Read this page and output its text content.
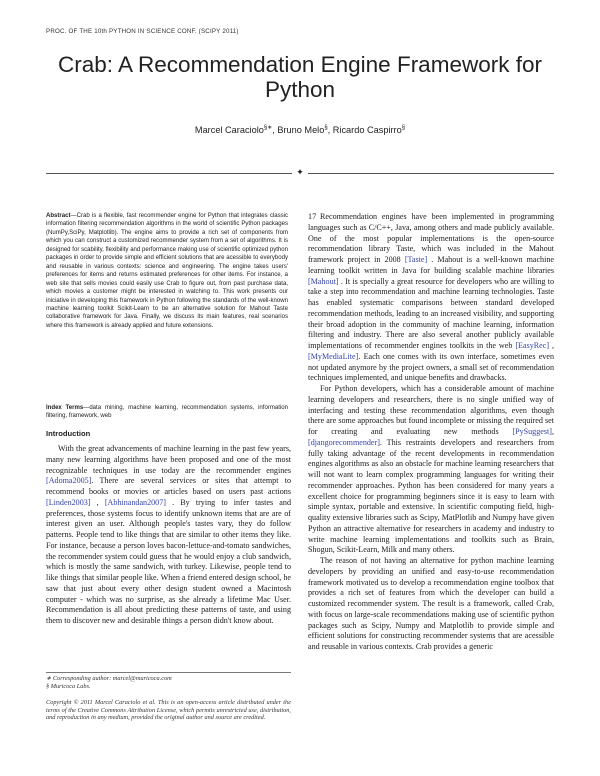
PROC. OF THE 10th PYTHON IN SCIENCE CONF. (SCIPY 2011)
17
Crab: A Recommendation Engine Framework for Python
Marcel Caraciolo§∗, Bruno Melo§, Ricardo Caspirro§
✦
Abstract—Crab is a flexible, fast recommender engine for Python that integrates classic information filtering recommendation algorithms in the world of scientific Python packages (NumPy,SciPy, Matplotlib). The engine aims to provide a rich set of components from which you can construct a customized recommender system from a set of algorithms. It is designed for scability, flexibility and performance making use of scientific optimized python packages in order to provide simple and efficient solutions that are acessible to everybody and reusable in various contexts: science and engineering. The engine takes users' preferences for items and returns estimated preferences for other items. For instance, a web site that sells movies could easily use Crab to figure out, from past purchase data, which movies a customer might be interested in watching to. This work presents our iniciative in developing this framework in Python following the standards of the well-known machine learning toolkit Scikit-Learn to be an alternative solution for Mahout Taste collaborative framework for Java. Finally, we discuss its main features, real scenarios where this framework is already applied and future extensions.
Index Terms—data mining, machine learning, recommendation systems, information filtering, framework, web
Introduction

With the great advancements of machine learning in the past few years, many new learning algorithms have been proposed and one of the most recognizable techniques in use today are the recommender engines [Adoma2005]. There are several services or sites that attempt to recommend books or movies or articles based on users past actions [Linden2003] , [Abhinandan2007] . By trying to infer tastes and preferences, those systems focus to identify unknown items that are are of interest given an user. Although people's tastes vary, they do follow patterns. People tend to like things that are similar to other items they like. For instance, because a person loves bacon-lettuce-and-tomato sandwiches, the recommender system could guess that he would enjoy a club sandwich, which is mostly the same sandwich, with turkey. Likewise, people tend to like things that similar people like. When a friend entered design school, he saw that just about every other design student owned a Macintosh computer - which was no surprise, as she already a lifetime Mac User. Recommendation is all about predicting these patterns of taste, and using them to discover new and desirable things a person didn't know about.

∗ Corresponding author: marcel@muricoca.com
§ Muricoca Labs.
Copyright © 2011 Marcel Caraciolo et al. This is an open-access article distributed under the terms of the Creative Commons Attribution License, which permits unrestricted use, distribution, and reproduction in any medium, provided the original author and source are credited.

Recommendation engines have been implemented in programming languages such as C/C++, Java, among others and made publicly available. One of the most popular implementations is the open-source recommendation library Taste, which was included in the Mahout framework project in 2008 [Taste] . Mahout is a well-known machine learning toolkit written in Java for building scalable machine libraries [Mahout] . It is specially a great resource for developers who are willing to take a step into recommendation and machine learning technologies. Taste has enabled systematic comparisons between standard developed recommendation methods, leading to an increased visibility, and supporting their broad adoption in the community of machine learning, information filtering and industry. There are also several another publicly available implementations of recommender engines toolkits in the web [EasyRec] , [MyMediaLite]. Each one comes with its own interface, sometimes even not updated anymore by the project owners, a small set of recommendation techniques implemented, and unique benefits and drawbacks.

For Python developers, which has a considerable amount of machine learning developers and researchers, there is no single unified way of interfacing and testing these recommendation algorithms, even though there are some approaches but found incomplete or missing the required set for creating and evaluating new methods [PySuggest], [djangorecommender]. This restraints developers and researchers from fully taking advantage of the recent developments in recommendation engines algorithms as also an obstacle for machine learning researchers that will not want to learn complex programming languages for writing their recommender approaches. Python has been considered for many years a excellent choice for programming beginners since it is easy to learn with simple syntax, portable and extensive. In scientific computing field, high-quality extensive libraries such as Scipy, MatPlotlib and Numpy have given Python an attractive alternative for researchers in academy and industry to write machine learning implementations and toolkits such as Brain, Shogun, Scikit-Learn, Milk and many others.

The reason of not having an alternative for python machine learning developers by providing an unified and easy-to-use recommendation framework motivated us to develop a recommendation engine toolbox that provides a rich set of features from which the developer can build a customized recommender system. The result is a framework, called Crab, with focus on large-scale recommendations making use of scientific python packages such as Scipy, Numpy and Matplotlib to provide simple and efficient solutions for constructing recommender systems that are acessible and reusable in various contexts. Crab provides a generic
